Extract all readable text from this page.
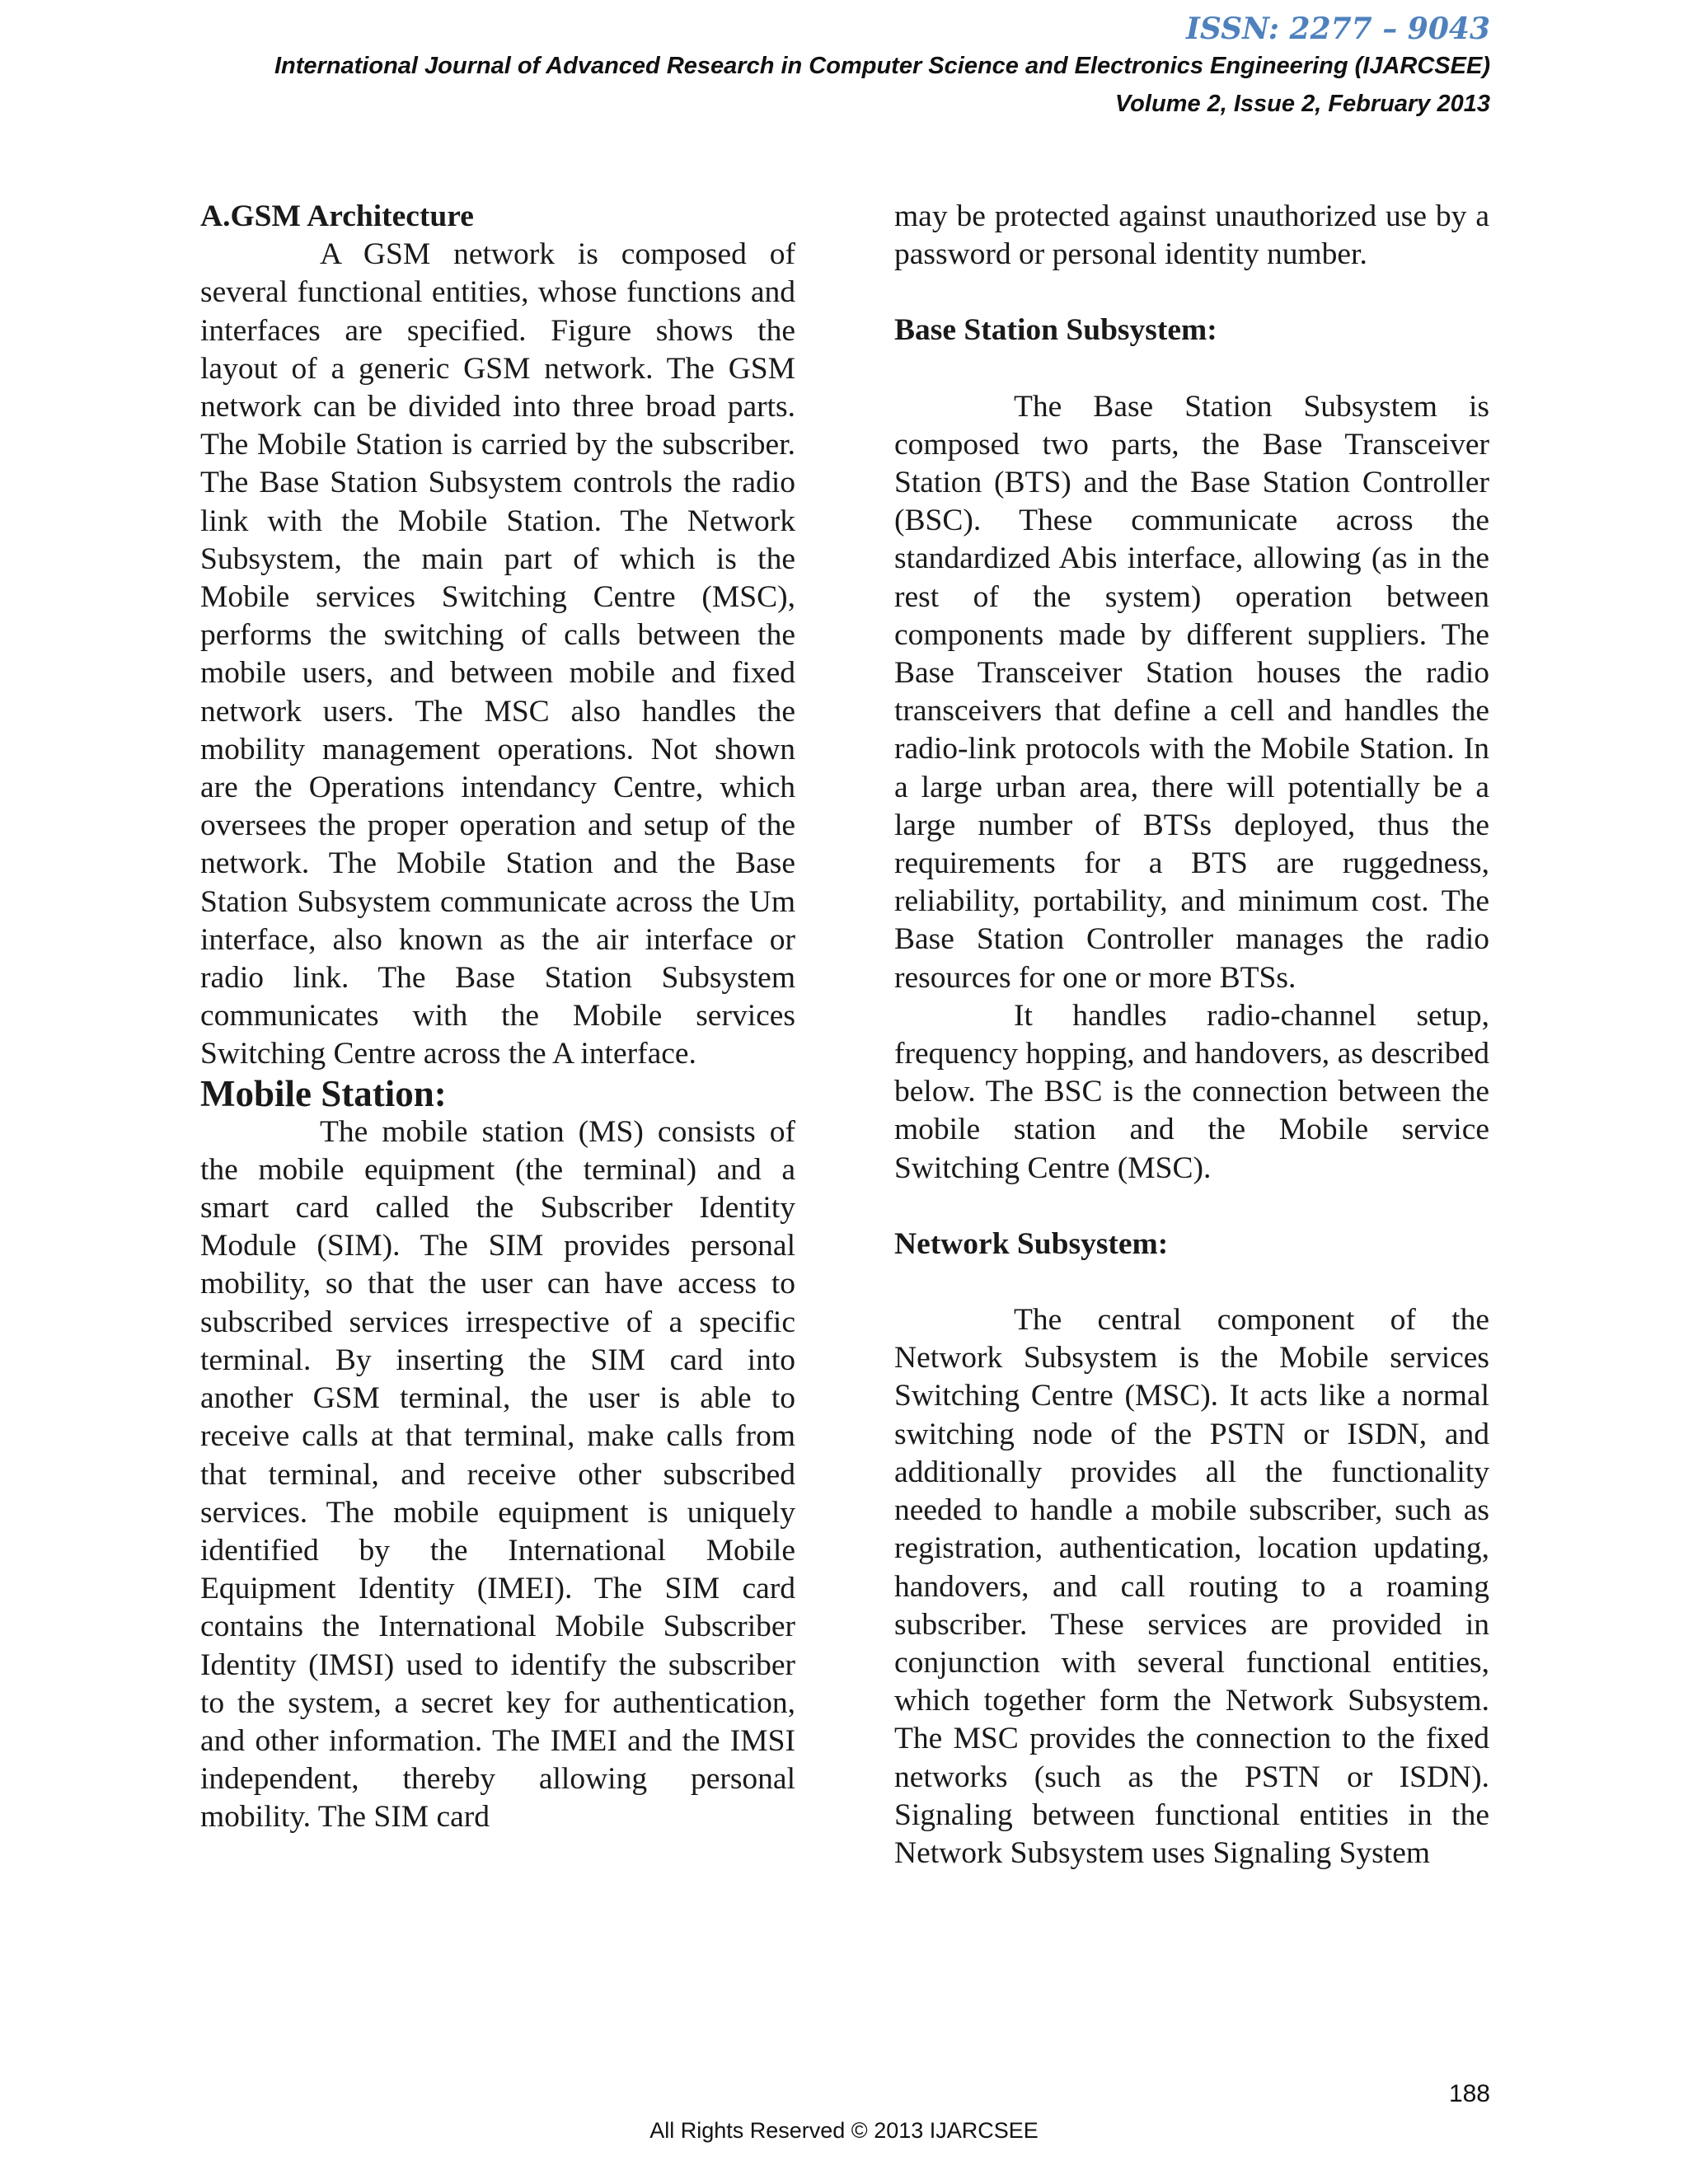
ISSN: 2277 – 9043
International Journal of Advanced Research in Computer Science and Electronics Engineering (IJARCSEE)
Volume 2, Issue 2, February 2013

A.GSM Architecture

A GSM network is composed of several functional entities, whose functions and interfaces are specified. Figure shows the layout of a generic GSM network. The GSM network can be divided into three broad parts. The Mobile Station is carried by the subscriber. The Base Station Subsystem controls the radio link with the Mobile Station. The Network Subsystem, the main part of which is the Mobile services Switching Centre (MSC), performs the switching of calls between the mobile users, and between mobile and fixed network users. The MSC also handles the mobility management operations. Not shown are the Operations intendancy Centre, which oversees the proper operation and setup of the network. The Mobile Station and the Base Station Subsystem communicate across the Um interface, also known as the air interface or radio link. The Base Station Subsystem communicates with the Mobile services Switching Centre across the A interface.

Mobile Station:

The mobile station (MS) consists of the mobile equipment (the terminal) and a smart card called the Subscriber Identity Module (SIM). The SIM provides personal mobility, so that the user can have access to subscribed services irrespective of a specific terminal. By inserting the SIM card into another GSM terminal, the user is able to receive calls at that terminal, make calls from that terminal, and receive other subscribed services. The mobile equipment is uniquely identified by the International Mobile Equipment Identity (IMEI). The SIM card contains the International Mobile Subscriber Identity (IMSI) used to identify the subscriber to the system, a secret key for authentication, and other information. The IMEI and the IMSI independent, thereby allowing personal mobility. The SIM card

may be protected against unauthorized use by a password or personal identity number.

Base Station Subsystem:

The Base Station Subsystem is composed two parts, the Base Transceiver Station (BTS) and the Base Station Controller (BSC). These communicate across the standardized Abis interface, allowing (as in the rest of the system) operation between components made by different suppliers. The Base Transceiver Station houses the radio transceivers that define a cell and handles the radio-link protocols with the Mobile Station. In a large urban area, there will potentially be a large number of BTSs deployed, thus the requirements for a BTS are ruggedness, reliability, portability, and minimum cost. The Base Station Controller manages the radio resources for one or more BTSs.

It handles radio-channel setup, frequency hopping, and handovers, as described below. The BSC is the connection between the mobile station and the Mobile service Switching Centre (MSC).

Network Subsystem:

The central component of the Network Subsystem is the Mobile services Switching Centre (MSC). It acts like a normal switching node of the PSTN or ISDN, and additionally provides all the functionality needed to handle a mobile subscriber, such as registration, authentication, location updating, handovers, and call routing to a roaming subscriber. These services are provided in conjunction with several functional entities, which together form the Network Subsystem. The MSC provides the connection to the fixed networks (such as the PSTN or ISDN). Signaling between functional entities in the Network Subsystem uses Signaling System

188
All Rights Reserved © 2013 IJARCSEE
